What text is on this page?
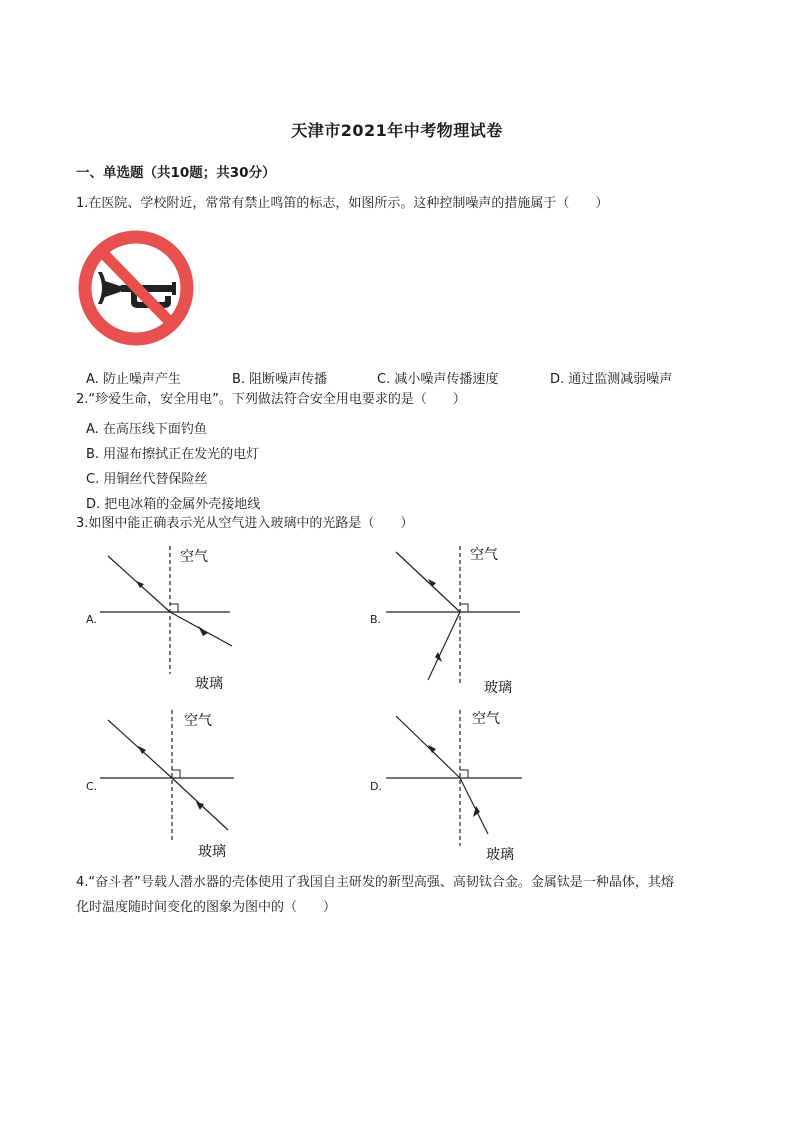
天津市2021年中考物理试卷
一、单选题（共10题；共30分）
1.在医院、学校附近，常常有禁止鸣笛的标志，如图所示。这种控制噪声的措施属于（　　）
A. 防止噪声产生	B. 阻断噪声传播	C. 减小噪声传播速度	D. 通过监测减弱噪声
2.“珍爱生命，安全用电”。下列做法符合安全用电要求的是（　　）
A. 在高压线下面钓鱼
B. 用湿布擦拭正在发光的电灯
C. 用铜丝代替保险丝
D. 把电冰箱的金属外壳接地线
3.如图中能正确表示光从空气进入玻璃中的光路是（　　）
A.
空气
玻璃
B.
空气
玻璃
C.
空气
玻璃
D.
空气
玻璃
4.“奋斗者”号载人潜水器的壳体使用了我国自主研发的新型高强、高韧钛合金。金属钛是一种晶体，其熔
化时温度随时间变化的图象为图中的（　　）
